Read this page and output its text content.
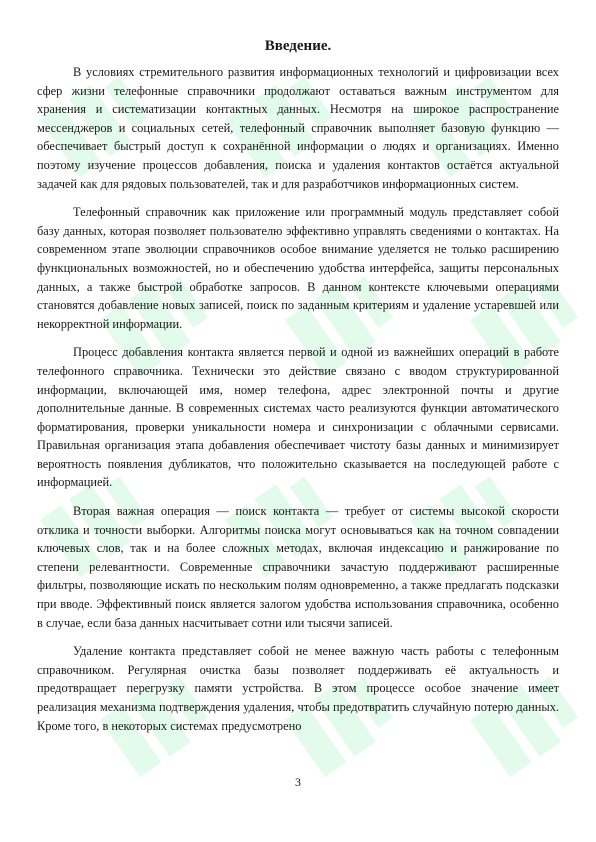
Введение.

В условиях стремительного развития информационных технологий и цифровизации всех сфер жизни телефонные справочники продолжают оставаться важным инструментом для хранения и систематизации контактных данных. Несмотря на широкое распространение мессенджеров и социальных сетей, телефонный справочник выполняет базовую функцию — обеспечивает быстрый доступ к сохранённой информации о людях и организациях. Именно поэтому изучение процессов добавления, поиска и удаления контактов остаётся актуальной задачей как для рядовых пользователей, так и для разработчиков информационных систем.

Телефонный справочник как приложение или программный модуль представляет собой базу данных, которая позволяет пользователю эффективно управлять сведениями о контактах. На современном этапе эволюции справочников особое внимание уделяется не только расширению функциональных возможностей, но и обеспечению удобства интерфейса, защиты персональных данных, а также быстрой обработке запросов. В данном контексте ключевыми операциями становятся добавление новых записей, поиск по заданным критериям и удаление устаревшей или некорректной информации.

Процесс добавления контакта является первой и одной из важнейших операций в работе телефонного справочника. Технически это действие связано с вводом структурированной информации, включающей имя, номер телефона, адрес электронной почты и другие дополнительные данные. В современных системах часто реализуются функции автоматического форматирования, проверки уникальности номера и синхронизации с облачными сервисами. Правильная организация этапа добавления обеспечивает чистоту базы данных и минимизирует вероятность появления дубликатов, что положительно сказывается на последующей работе с информацией.

Вторая важная операция — поиск контакта — требует от системы высокой скорости отклика и точности выборки. Алгоритмы поиска могут основываться как на точном совпадении ключевых слов, так и на более сложных методах, включая индексацию и ранжирование по степени релевантности. Современные справочники зачастую поддерживают расширенные фильтры, позволяющие искать по нескольким полям одновременно, а также предлагать подсказки при вводе. Эффективный поиск является залогом удобства использования справочника, особенно в случае, если база данных насчитывает сотни или тысячи записей.

Удаление контакта представляет собой не менее важную часть работы с телефонным справочником. Регулярная очистка базы позволяет поддерживать её актуальность и предотвращает перегрузку памяти устройства. В этом процессе особое значение имеет реализация механизма подтверждения удаления, чтобы предотвратить случайную потерю данных. Кроме того, в некоторых системах предусмотрено

3
